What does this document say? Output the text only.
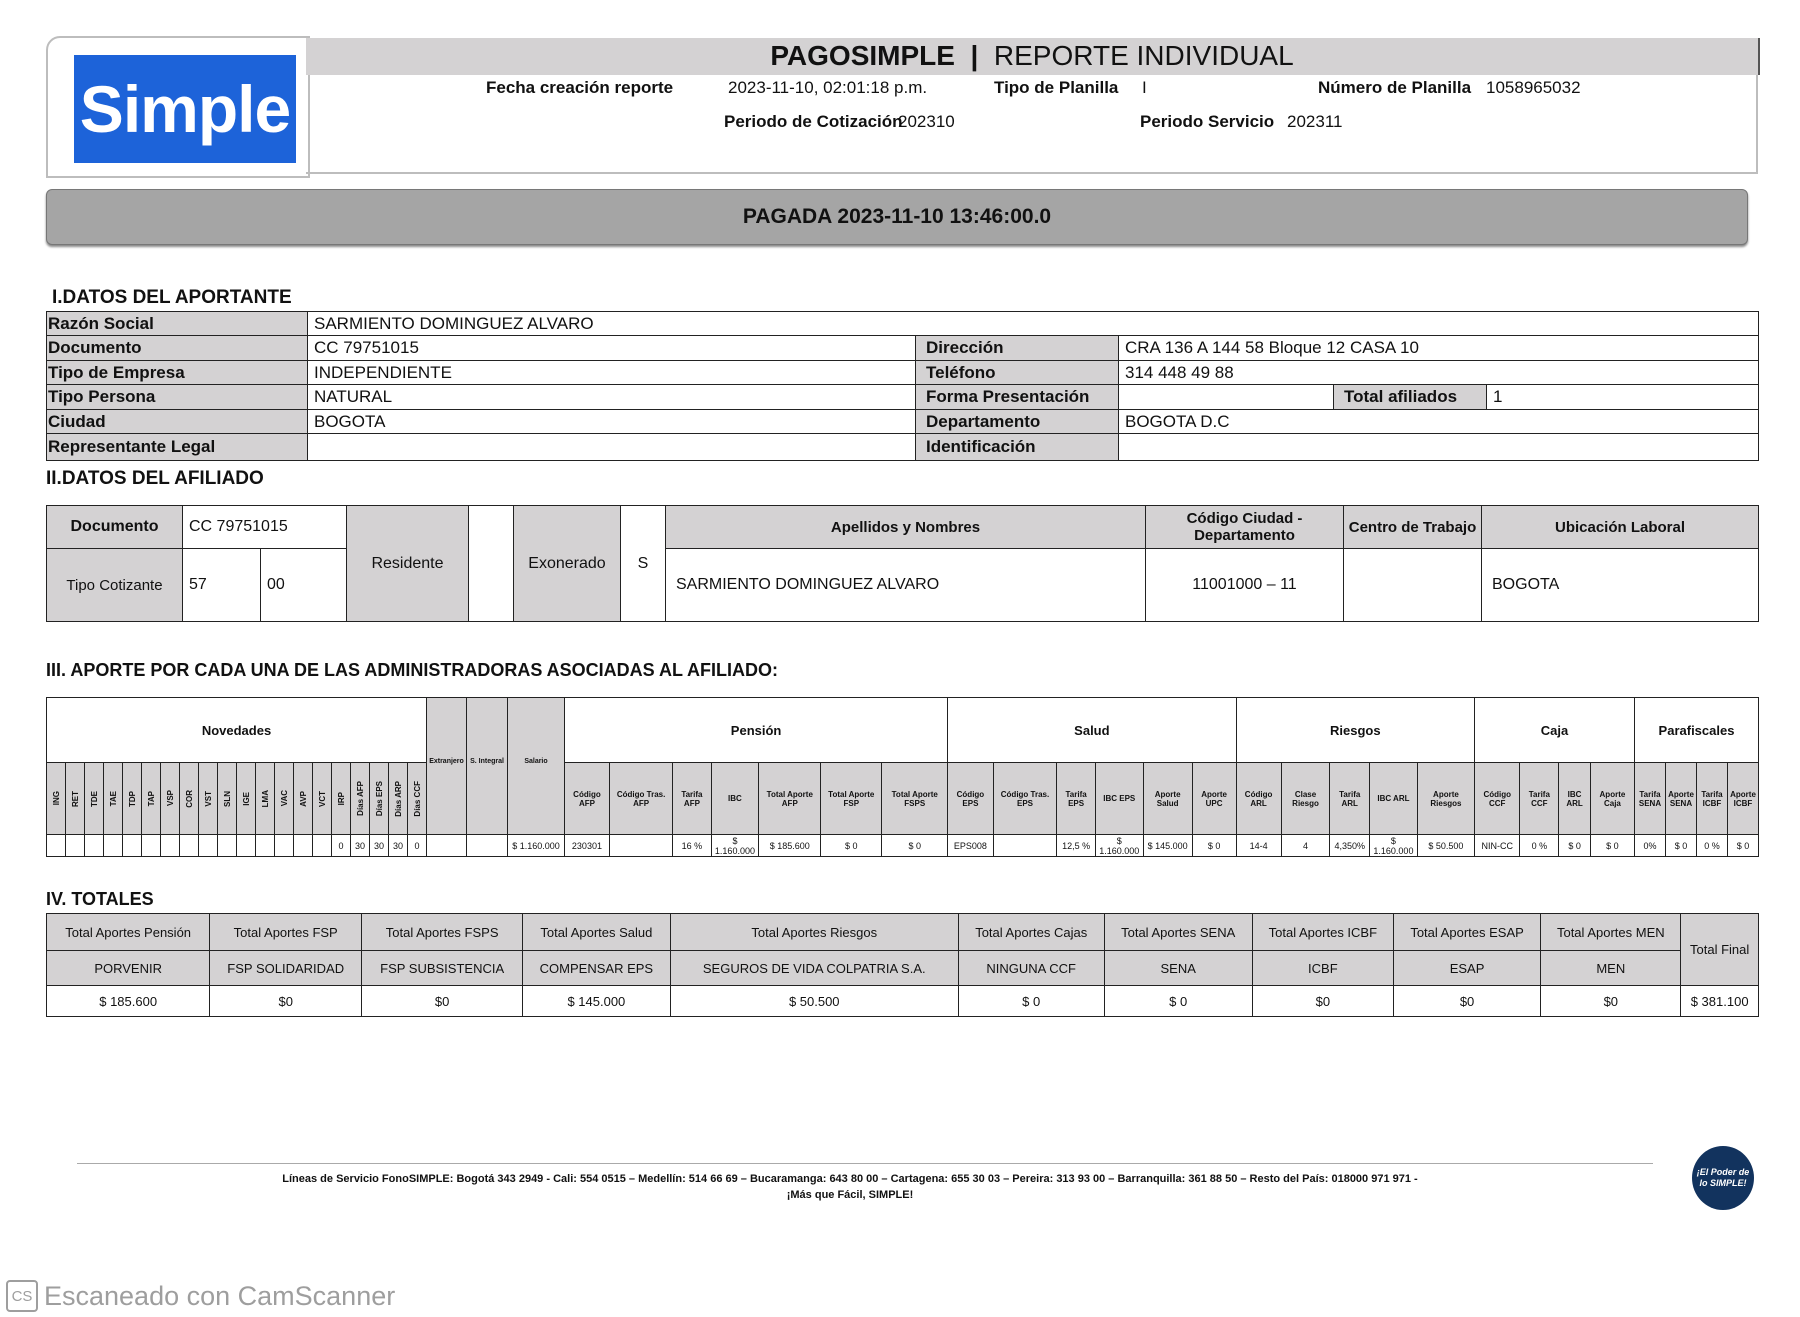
Simple
PAGOSIMPLE | REPORTE INDIVIDUAL
Fecha creación reporte	2023-11-10, 02:01:18 p.m.	Tipo de Planilla I	Número de Planilla 1058965032
Periodo de Cotización
202310	Periodo Servicio 202311
PAGADA 2023-11-10 13:46:00.0
I.DATOS DEL APORTANTE
Razón Social	SARMIENTO DOMINGUEZ ALVARO				
Documento	CC 79751015	Dirección	CRA 136 A 144 58 Bloque 12 CASA 10		
Tipo de Empresa	INDEPENDIENTE	Teléfono	314 448 49 88		
Tipo Persona	NATURAL	Forma Presentación		Total afiliados	1
Ciudad	BOGOTA	Departamento	BOGOTA D.C		
Representante Legal		Identificación			
II.DATOS DEL AFILIADO
Documento	CC 79751015		Residente		Exonerado	S	Apellidos y Nombres	Código Ciudad - Departamento	Centro de Trabajo	Ubicación Laboral
Tipo Cotizante	57	00					SARMIENTO DOMINGUEZ ALVARO	11001000 – 11		BOGOTA
III. APORTE POR CADA UNA DE LAS ADMINISTRADORAS ASOCIADAS AL AFILIADO:
Novedades																				Extranjero	S. Integral	Salario	Pensión							Salud						Riesgos					Caja				Parafiscales			

ING	RET	TDE	TAE	TDP	TAP	VSP	COR	VST	SLN	IGE	LMA	VAC	AVP	VCT	IRP	Días AFP	Días EPS	Días ARP	Días CCF				Código AFP	Código Tras. AFP	Tarifa AFP	IBC	Total Aporte AFP	Total Aporte FSP	Total Aporte FSPS	Código EPS	Código Tras. EPS	Tarifa EPS	IBC EPS	Aporte Salud	Aporte UPC	Código ARL	Clase Riesgo	Tarifa ARL	IBC ARL	Aporte Riesgos	Código CCF	Tarifa CCF	IBC ARL	Aporte Caja	Tarifa SENA	Aporte SENA	Tarifa ICBF	Aporte ICBF
															0	30	30	30	0			$ 1.160.000	230301		16 %	$ 1.160.000	$ 185.600	$ 0	$ 0	EPS008		12,5 %	$ 1.160.000	$ 145.000	$ 0	14-4	4	4,350%	$ 1.160.000	$ 50.500	NIN-CC	0 %	$ 0	$ 0	0%	$ 0	0 %	$ 0
IV. TOTALES
Total Aportes Pensión	Total Aportes FSP	Total Aportes FSPS	Total Aportes Salud	Total Aportes Riesgos	Total Aportes Cajas	Total Aportes SENA	Total Aportes ICBF	Total Aportes ESAP	Total Aportes MEN	Total Final
PORVENIR	FSP SOLIDARIDAD	FSP SUBSISTENCIA	COMPENSAR EPS	SEGUROS DE VIDA COLPATRIA S.A.	NINGUNA CCF	SENA	ICBF	ESAP	MEN	
$ 185.600	$0	$0	$ 145.000	$ 50.500	$ 0	$ 0	$0	$0	$0	$ 381.100
Líneas de Servicio FonoSIMPLE: Bogotá 343 2949 - Cali: 554 0515 – Medellín: 514 66 69 – Bucaramanga: 643 80 00 – Cartagena: 655 30 03 – Pereira: 313 93 00 – Barranquilla: 361 88 50 – Resto del País: 018000 971 971 -
¡Más que Fácil, SIMPLE!
¡El Poder de lo SIMPLE!
CS Escaneado con CamScanner
